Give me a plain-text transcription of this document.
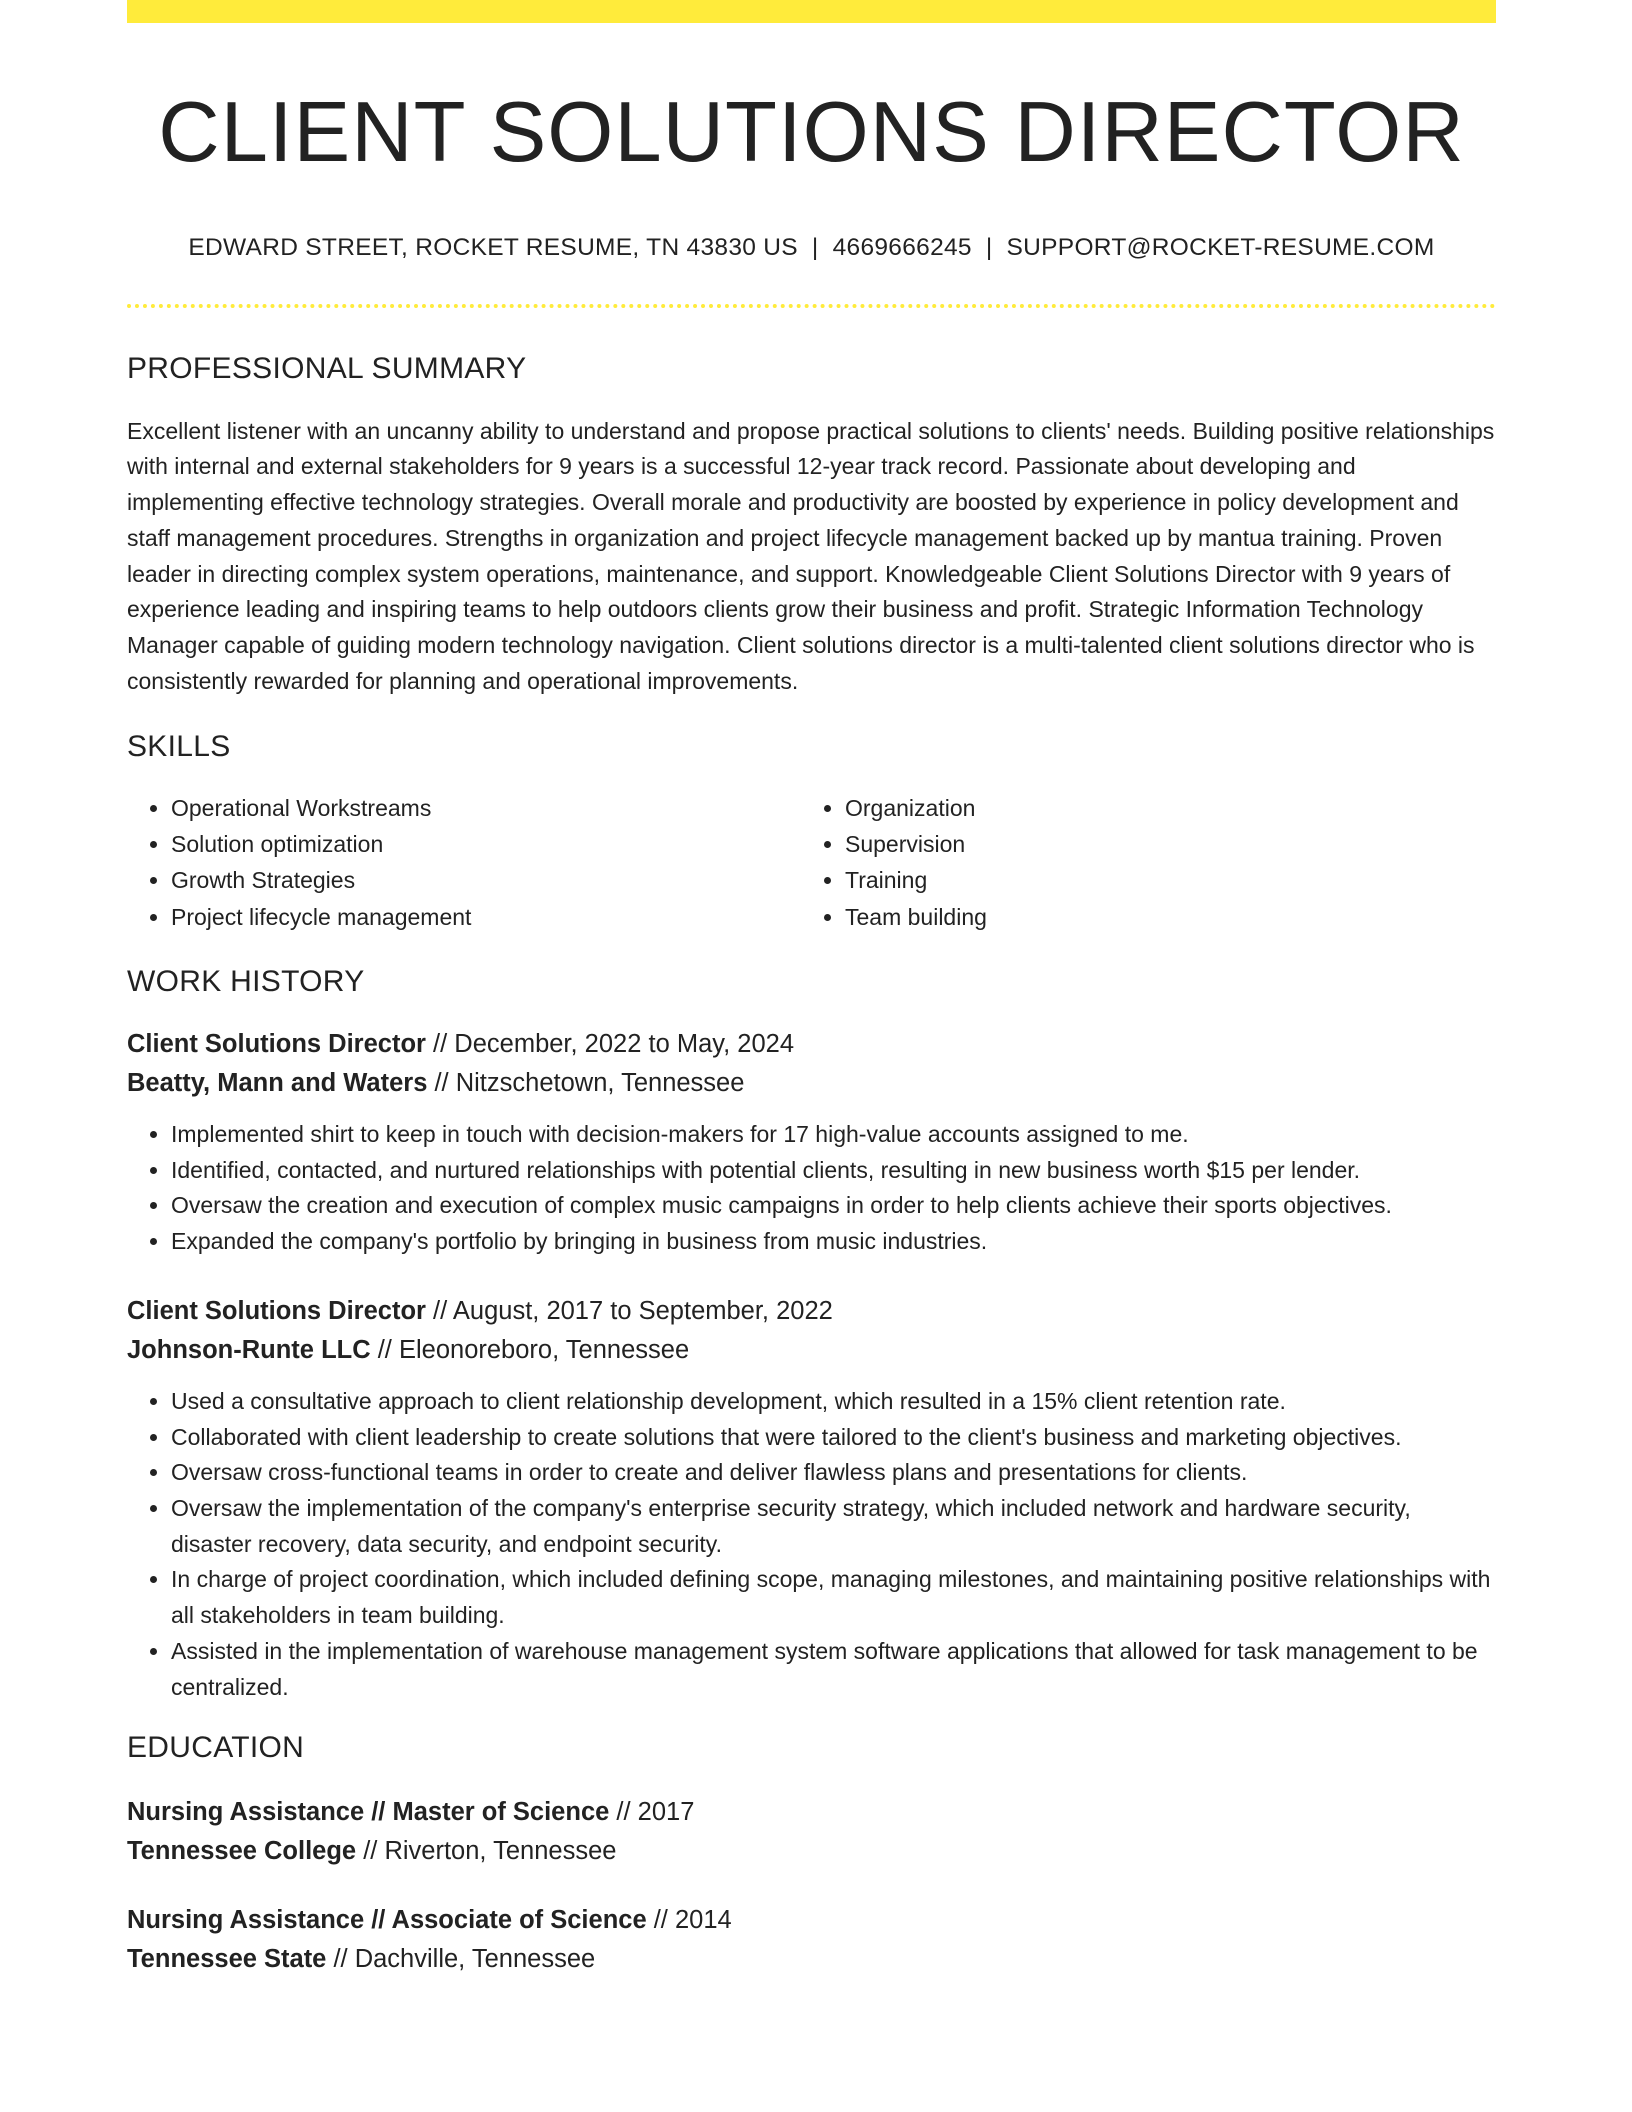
CLIENT SOLUTIONS DIRECTOR
EDWARD STREET, ROCKET RESUME, TN 43830 US | 4669666245 | SUPPORT@ROCKET-RESUME.COM
PROFESSIONAL SUMMARY
Excellent listener with an uncanny ability to understand and propose practical solutions to clients' needs. Building positive relationships with internal and external stakeholders for 9 years is a successful 12-year track record. Passionate about developing and implementing effective technology strategies. Overall morale and productivity are boosted by experience in policy development and staff management procedures. Strengths in organization and project lifecycle management backed up by mantua training. Proven leader in directing complex system operations, maintenance, and support. Knowledgeable Client Solutions Director with 9 years of experience leading and inspiring teams to help outdoors clients grow their business and profit. Strategic Information Technology Manager capable of guiding modern technology navigation. Client solutions director is a multi-talented client solutions director who is consistently rewarded for planning and operational improvements.
SKILLS
• Operational Workstreams
• Solution optimization
• Growth Strategies
• Project lifecycle management
• Organization
• Supervision
• Training
• Team building
WORK HISTORY
Client Solutions Director // December, 2022 to May, 2024
Beatty, Mann and Waters // Nitzschetown, Tennessee
• Implemented shirt to keep in touch with decision-makers for 17 high-value accounts assigned to me.
• Identified, contacted, and nurtured relationships with potential clients, resulting in new business worth $15 per lender.
• Oversaw the creation and execution of complex music campaigns in order to help clients achieve their sports objectives.
• Expanded the company's portfolio by bringing in business from music industries.
Client Solutions Director // August, 2017 to September, 2022
Johnson-Runte LLC // Eleonoreboro, Tennessee
• Used a consultative approach to client relationship development, which resulted in a 15% client retention rate.
• Collaborated with client leadership to create solutions that were tailored to the client's business and marketing objectives.
• Oversaw cross-functional teams in order to create and deliver flawless plans and presentations for clients.
• Oversaw the implementation of the company's enterprise security strategy, which included network and hardware security, disaster recovery, data security, and endpoint security.
• In charge of project coordination, which included defining scope, managing milestones, and maintaining positive relationships with all stakeholders in team building.
• Assisted in the implementation of warehouse management system software applications that allowed for task management to be centralized.
EDUCATION
Nursing Assistance // Master of Science // 2017
Tennessee College // Riverton, Tennessee
Nursing Assistance // Associate of Science // 2014
Tennessee State // Dachville, Tennessee
